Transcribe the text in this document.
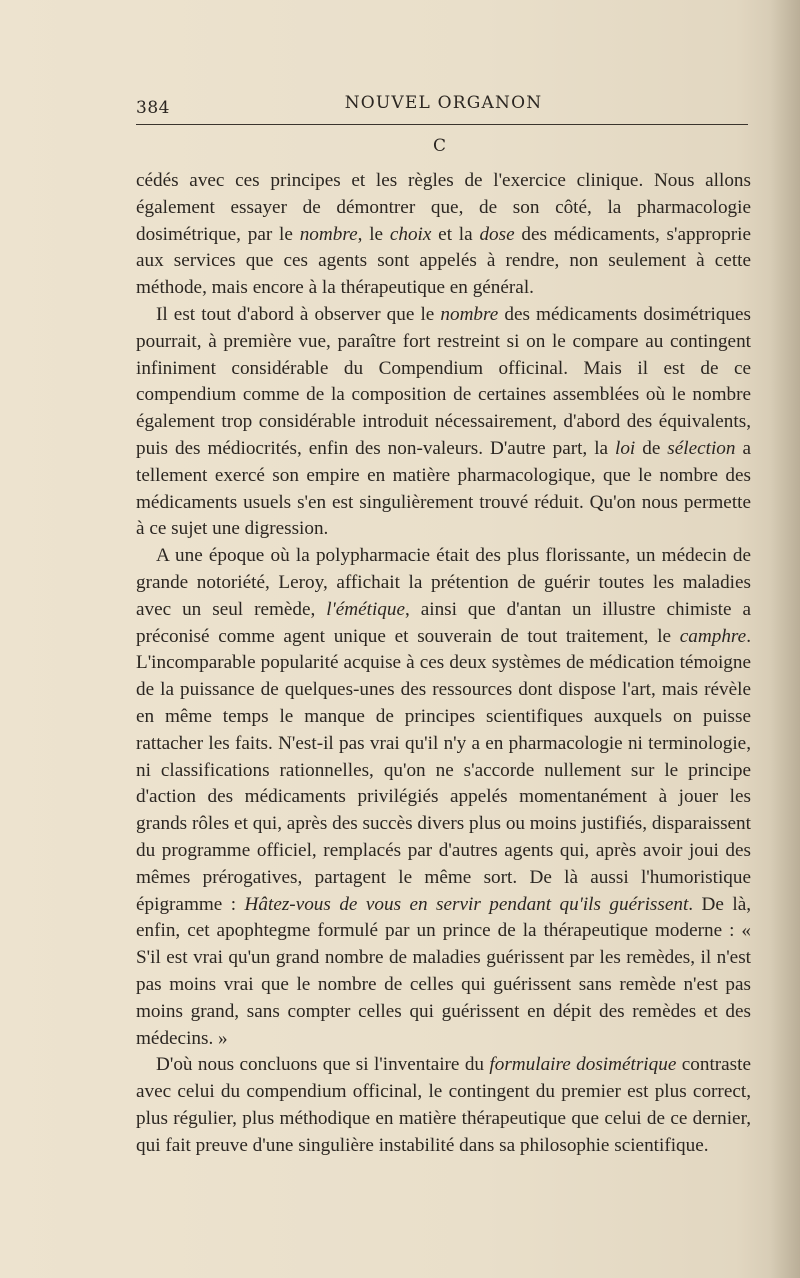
384	NOUVEL ORGANON
C

cédés avec ces principes et les règles de l'exercice clinique. Nous allons également essayer de démontrer que, de son côté, la pharmacologie dosimétrique, par le nombre, le choix et la dose des médicaments, s'approprie aux services que ces agents sont appelés à rendre, non seulement à cette méthode, mais encore à la thérapeutique en général.

Il est tout d'abord à observer que le nombre des médicaments dosimétriques pourrait, à première vue, paraître fort restreint si on le compare au contingent infiniment considérable du Compendium officinal. Mais il est de ce compendium comme de la composition de certaines assemblées où le nombre également trop considérable introduit nécessairement, d'abord des équivalents, puis des médiocrités, enfin des non-valeurs. D'autre part, la loi de sélection a tellement exercé son empire en matière pharmacologique, que le nombre des médicaments usuels s'en est singulièrement trouvé réduit. Qu'on nous permette à ce sujet une digression.

A une époque où la polypharmacie était des plus florissante, un médecin de grande notoriété, Leroy, affichait la prétention de guérir toutes les maladies avec un seul remède, l'émétique, ainsi que d'antan un illustre chimiste a préconisé comme agent unique et souverain de tout traitement, le camphre. L'incomparable popularité acquise à ces deux systèmes de médication témoigne de la puissance de quelques-unes des ressources dont dispose l'art, mais révèle en même temps le manque de principes scientifiques auxquels on puisse rattacher les faits. N'est-il pas vrai qu'il n'y a en pharmacologie ni terminologie, ni classifications rationnelles, qu'on ne s'accorde nullement sur le principe d'action des médicaments privilégiés appelés momentanément à jouer les grands rôles et qui, après des succès divers plus ou moins justifiés, disparaissent du programme officiel, remplacés par d'autres agents qui, après avoir joui des mêmes prérogatives, partagent le même sort. De là aussi l'humoristique épigramme : Hâtez-vous de vous en servir pendant qu'ils guérissent. De là, enfin, cet apophtegme formulé par un prince de la thérapeutique moderne : « S'il est vrai qu'un grand nombre de maladies guérissent par les remèdes, il n'est pas moins vrai que le nombre de celles qui guérissent sans remède n'est pas moins grand, sans compter celles qui guérissent en dépit des remèdes et des médecins. »

D'où nous concluons que si l'inventaire du formulaire dosimétrique contraste avec celui du compendium officinal, le contingent du premier est plus correct, plus régulier, plus méthodique en matière thérapeutique que celui de ce dernier, qui fait preuve d'une singulière instabilité dans sa philosophie scientifique.
